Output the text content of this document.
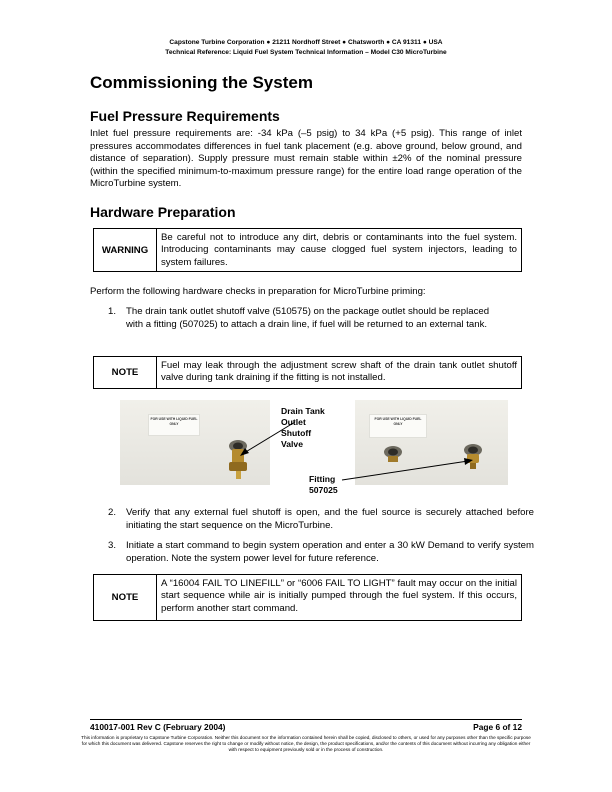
Capstone Turbine Corporation ● 21211 Nordhoff Street ● Chatsworth ● CA 91311 ● USA
Technical Reference: Liquid Fuel System Technical Information – Model C30 MicroTurbine
Commissioning the System
Fuel Pressure Requirements

Inlet fuel pressure requirements are: -34 kPa (–5 psig) to 34 kPa (+5 psig). This range of inlet pressures accommodates differences in fuel tank placement (e.g. above ground, below ground, and distance of separation). Supply pressure must remain stable within ±2% of the nominal pressure (within the specified minimum-to-maximum pressure range) for the entire load range operation of the MicroTurbine system.

Hardware Preparation
WARNING
Be careful not to introduce any dirt, debris or contaminants into the fuel system. Introducing contaminants may cause clogged fuel system injectors, leading to system failures.

Perform the following hardware checks in preparation for MicroTurbine priming:

1.	The drain tank outlet shutoff valve (510575) on the package outlet should be replaced with a fitting (507025) to attach a drain line, if fuel will be returned to an external tank.
NOTE
Fuel may leak through the adjustment screw shaft of the drain tank outlet shutoff valve during tank draining if the fitting is not installed.
FOR USE WITH LIQUID FUEL ONLY
Drain Tank
Outlet
Shutoff
Valve
FOR USE WITH LIQUID FUEL ONLY
Fitting
507025
2.	Verify that any external fuel shutoff is open, and the fuel source is securely attached before initiating the start sequence on the MicroTurbine.
3.	Initiate a start command to begin system operation and enter a 30 kW Demand to verify system operation. Note the system power level for future reference.
NOTE
A “16004 FAIL TO LINEFILL” or “6006 FAIL TO LIGHT” fault may occur on the initial start sequence while air is initially pumped through the fuel system. If this occurs, perform another start command.
410017-001 Rev C (February 2004)	Page 6 of 12
This information is proprietary to Capstone Turbine Corporation. Neither this document nor the information contained herein shall be copied, disclosed to others, or used for any purposes other than the specific purpose for which this document was delivered. Capstone reserves the right to change or modify without notice, the design, the product specifications, and/or the contents of this document without incurring any obligation either with respect to equipment previously sold or in the process of construction.
